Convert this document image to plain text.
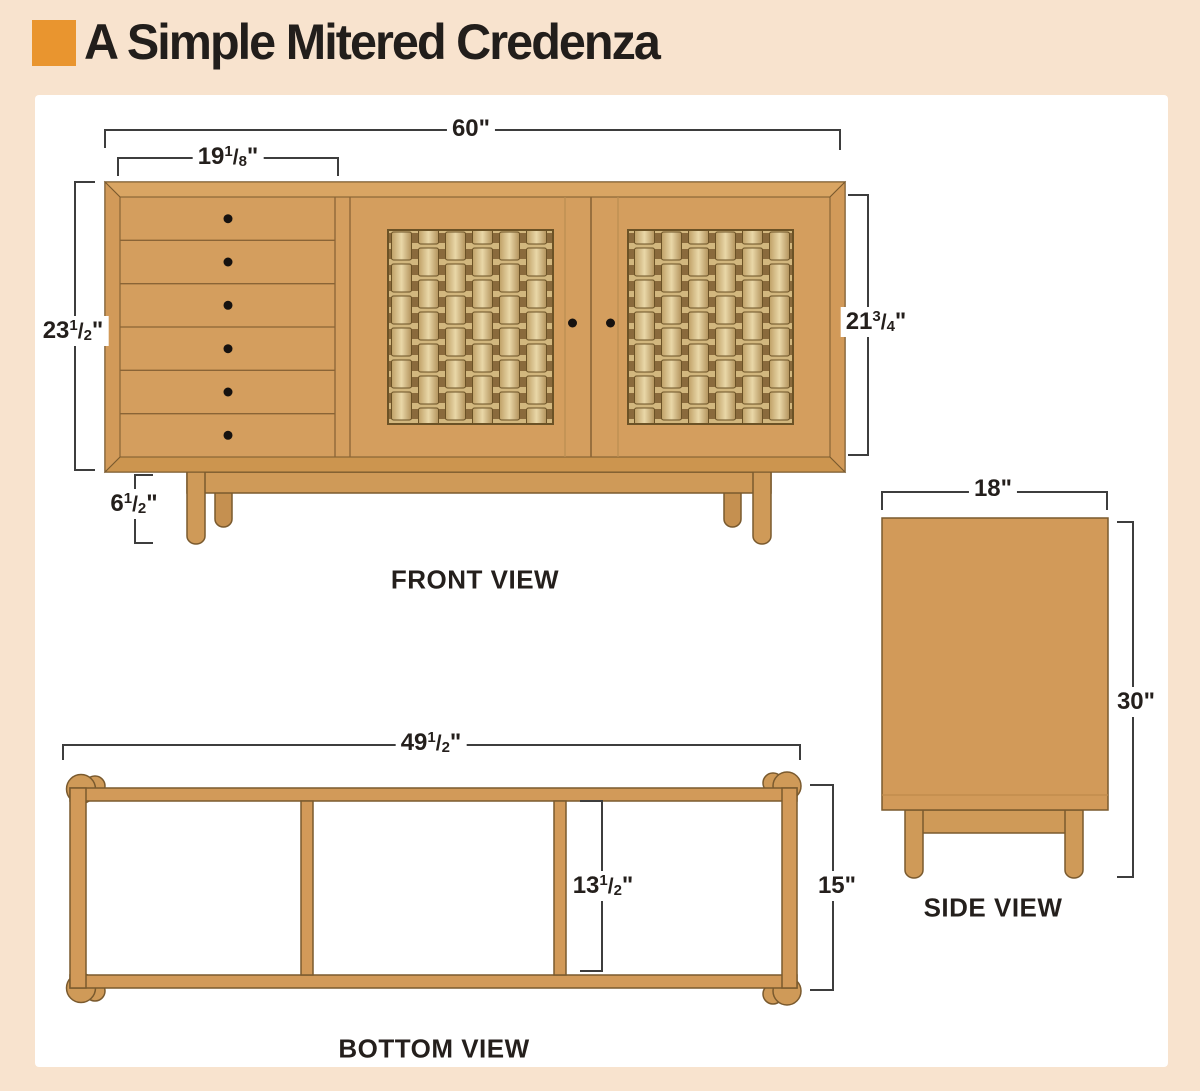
A Simple Mitered Credenza
60"
$19^1/8$"
$23^1/2$"	$21^3/4$"
$6^1/2$"
18"
30"
$49^1/2$"
$13^1/2$"	15"
FRONT VIEW
SIDE VIEW
BOTTOM VIEW
